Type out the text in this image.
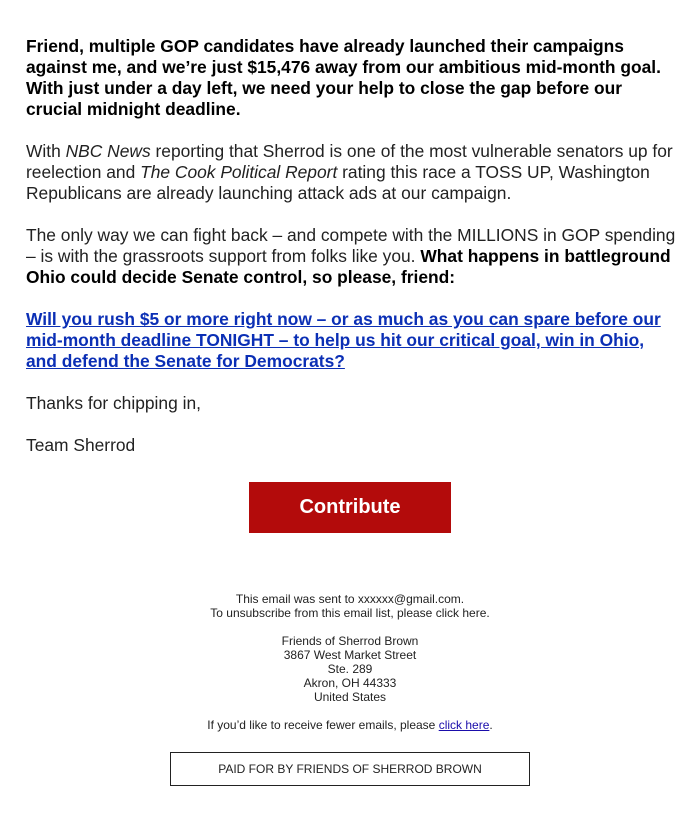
Friend, multiple GOP candidates have already launched their campaigns against me, and we’re just $15,476 away from our ambitious mid-month goal. With just under a day left, we need your help to close the gap before our crucial midnight deadline.

With NBC News reporting that Sherrod is one of the most vulnerable senators up for reelection and The Cook Political Report rating this race a TOSS UP, Washington Republicans are already launching attack ads at our campaign.

The only way we can fight back – and compete with the MILLIONS in GOP spending – is with the grassroots support from folks like you. What happens in battleground Ohio could decide Senate control, so please, friend:

Will you rush $5 or more right now – or as much as you can spare before our mid-month deadline TONIGHT – to help us hit our critical goal, win in Ohio, and defend the Senate for Democrats?

Thanks for chipping in,

Team Sherrod

Contribute

This email was sent to xxxxxx@gmail.com.

To unsubscribe from this email list, please click here.

Friends of Sherrod Brown

3867 West Market Street

Ste. 289

Akron, OH 44333

United States

If you’d like to receive fewer emails, please click here.

PAID FOR BY FRIENDS OF SHERROD BROWN
